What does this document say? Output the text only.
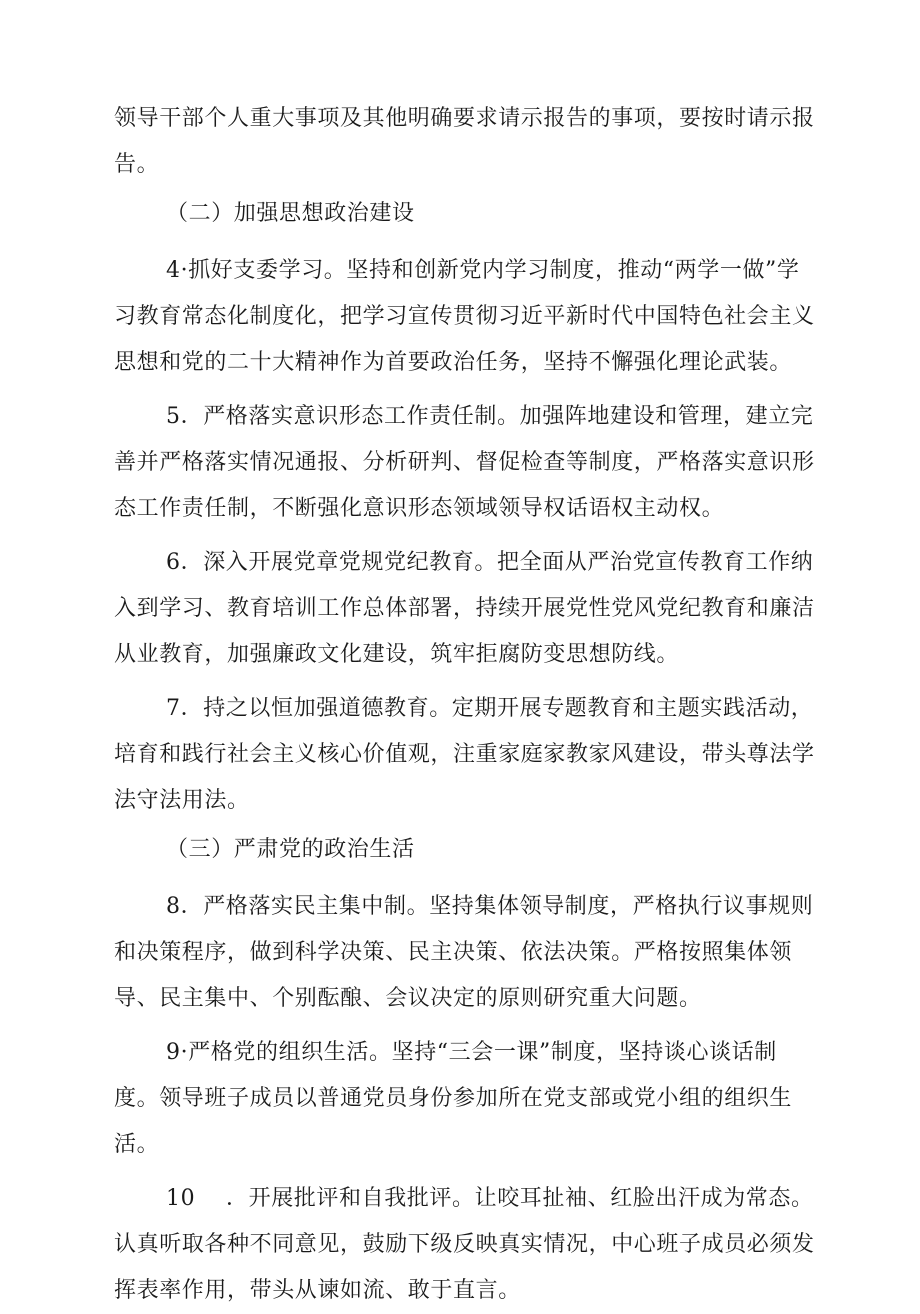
领导干部个人重大事项及其他明确要求请示报告的事项，要按时请示报
告。
（二）加强思想政治建设
4·抓好支委学习。坚持和创新党内学习制度，推动“两学一做”学
习教育常态化制度化，把学习宣传贯彻习近平新时代中国特色社会主义
思想和党的二十大精神作为首要政治任务，坚持不懈强化理论武装。
5．严格落实意识形态工作责任制。加强阵地建设和管理，建立完
善并严格落实情况通报、分析研判、督促检查等制度，严格落实意识形
态工作责任制，不断强化意识形态领域领导权话语权主动权。
6．深入开展党章党规党纪教育。把全面从严治党宣传教育工作纳
入到学习、教育培训工作总体部署，持续开展党性党风党纪教育和廉洁
从业教育，加强廉政文化建设，筑牢拒腐防变思想防线。
7．持之以恒加强道德教育。定期开展专题教育和主题实践活动，
培育和践行社会主义核心价值观，注重家庭家教家风建设，带头尊法学
法守法用法。
（三）严肃党的政治生活
8．严格落实民主集中制。坚持集体领导制度，严格执行议事规则
和决策程序，做到科学决策、民主决策、依法决策。严格按照集体领
导、民主集中、个别酝酿、会议决定的原则研究重大问题。
9·严格党的组织生活。坚持“三会一课”制度，坚持谈心谈话制
度。领导班子成员以普通党员身份参加所在党支部或党小组的组织生
活。
10 ．开展批评和自我批评。让咬耳扯袖、红脸出汗成为常态。
认真听取各种不同意见，鼓励下级反映真实情况，中心班子成员必须发
挥表率作用，带头从谏如流、敢于直言。
